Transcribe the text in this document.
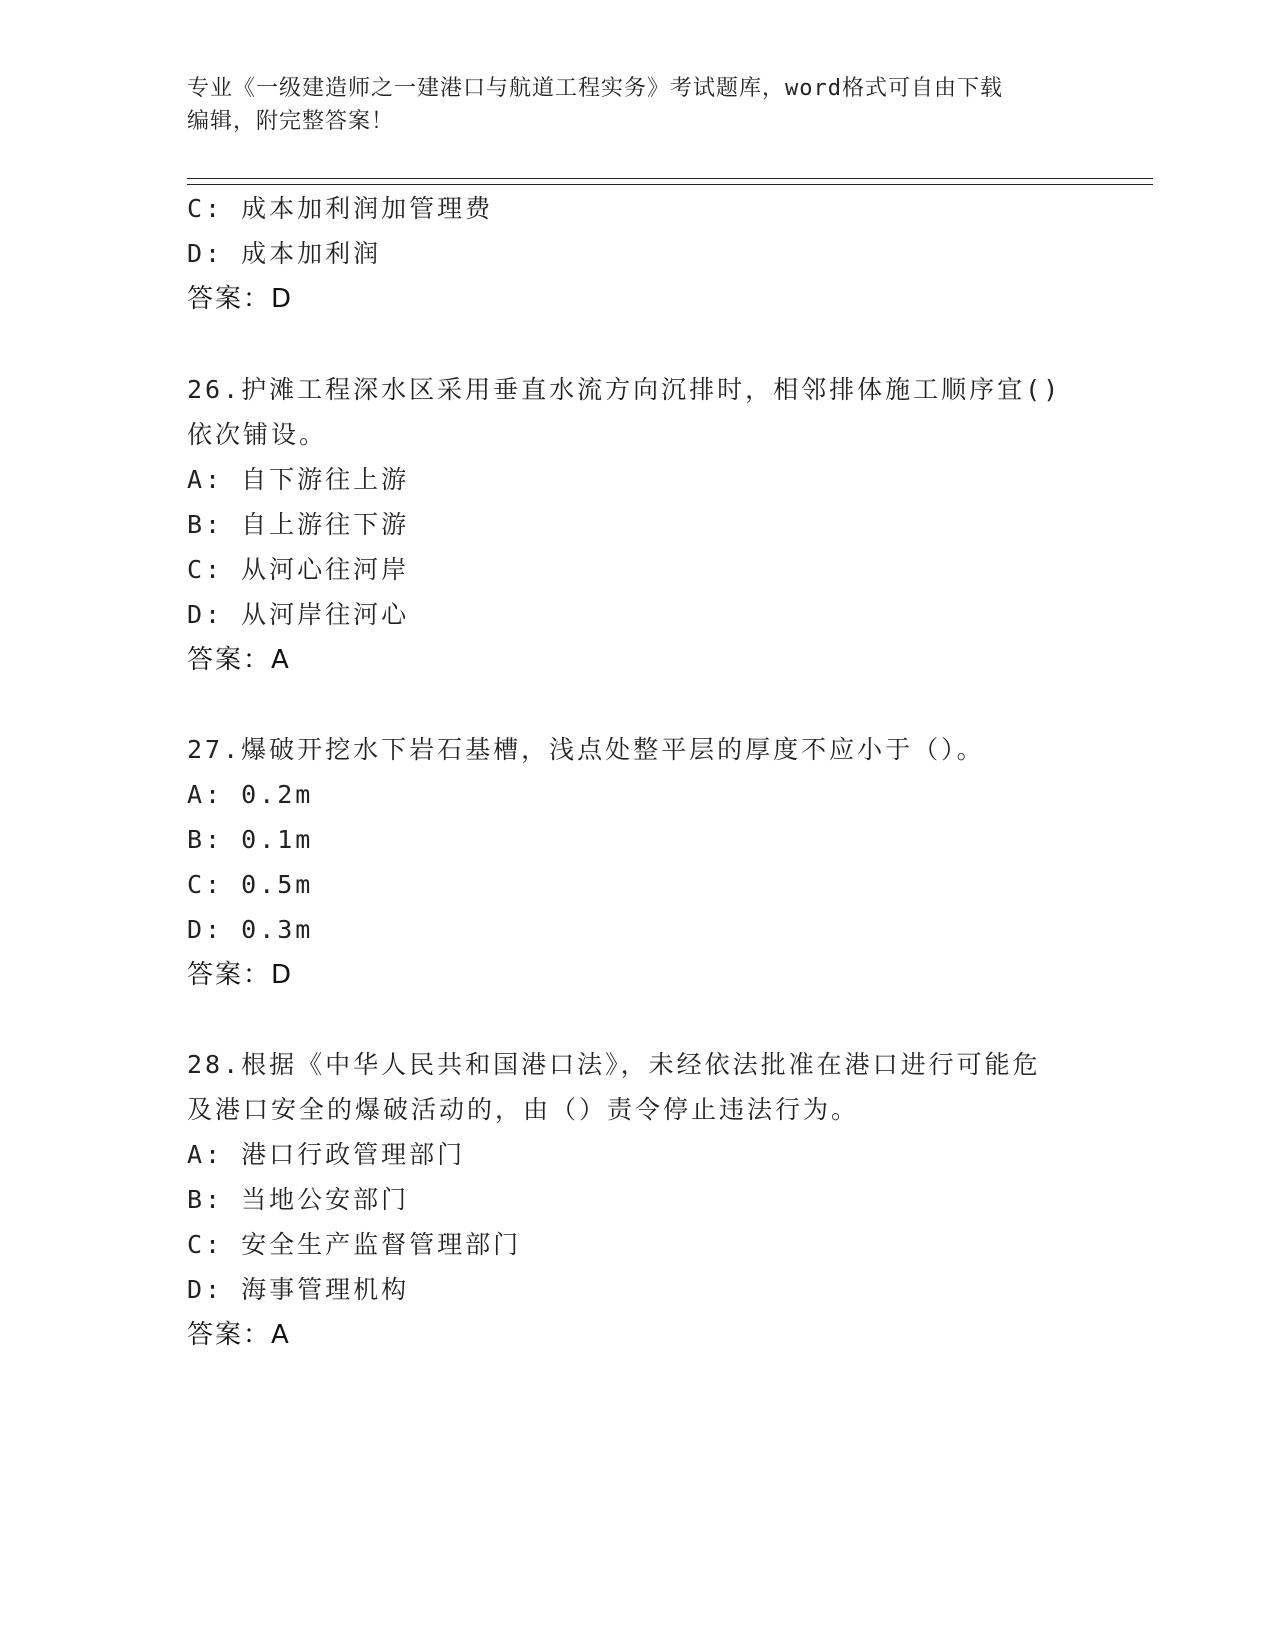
专业《一级建造师之一建港口与航道工程实务》考试题库，word格式可自由下载
编辑，附完整答案！
C: 成本加利润加管理费
D: 成本加利润
答案：D
26.护滩工程深水区采用垂直水流方向沉排时，相邻排体施工顺序宜()
依次铺设。
A: 自下游往上游
B: 自上游往下游
C: 从河心往河岸
D: 从河岸往河心
答案：A
27.爆破开挖水下岩石基槽，浅点处整平层的厚度不应小于（）。
A: 0.2m
B: 0.1m
C: 0.5m
D: 0.3m
答案：D
28.根据《中华人民共和国港口法》，未经依法批准在港口进行可能危
及港口安全的爆破活动的，由（）责令停止违法行为。
A: 港口行政管理部门
B: 当地公安部门
C: 安全生产监督管理部门
D: 海事管理机构
答案：A
